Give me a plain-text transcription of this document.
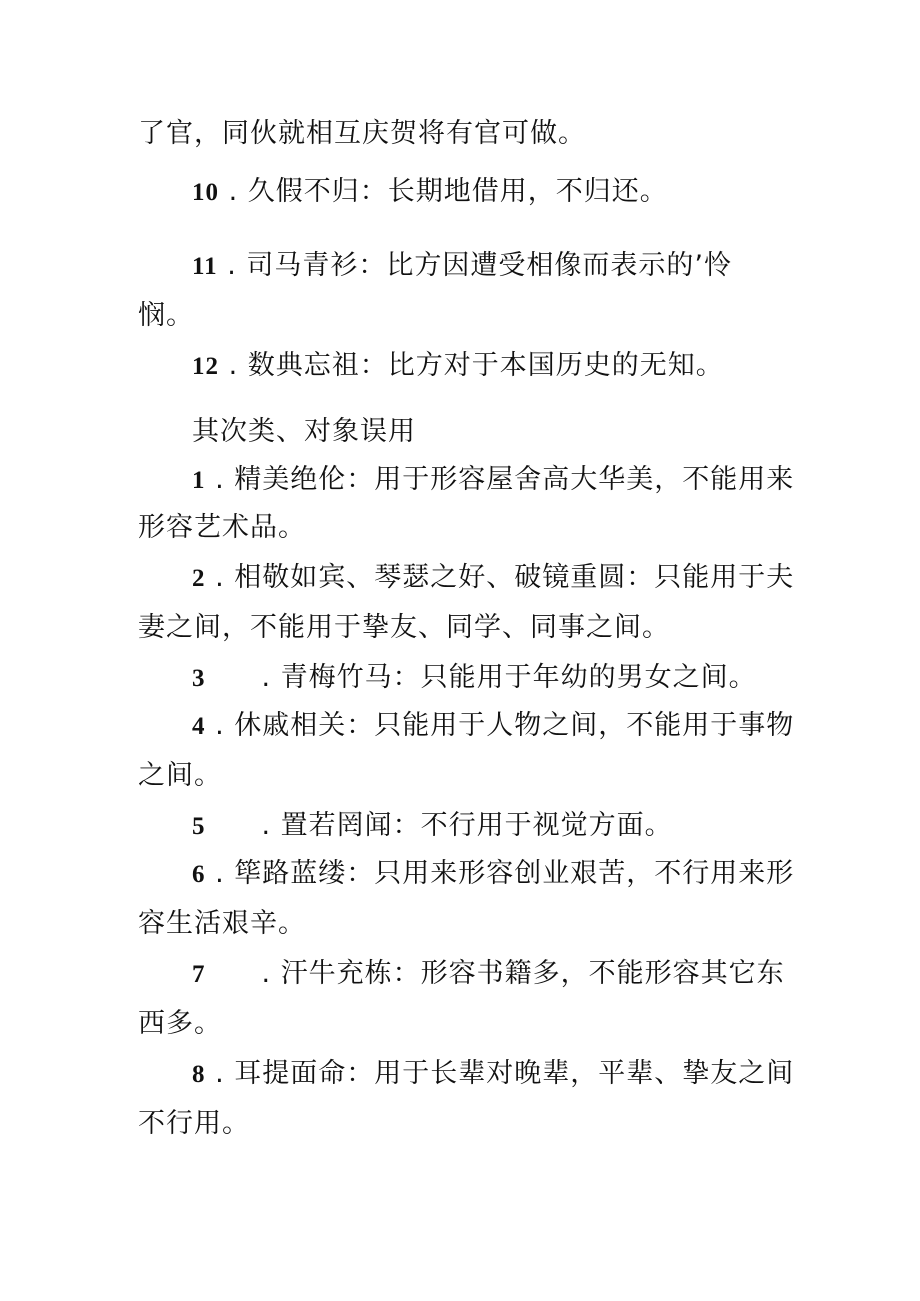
了官，同伙就相互庆贺将有官可做。
10 . 久假不归：长期地借用，不归还。
11 . 司马青衫：比方因遭受相像而表示的’怜
悯。
12 . 数典忘祖：比方对于本国历史的无知。
其次类、对象误用
1 . 精美绝伦：用于形容屋舍高大华美，不能用来
形容艺术品。
2 . 相敬如宾、琴瑟之好、破镜重圆：只能用于夫
妻之间，不能用于挚友、同学、同事之间。
3 . 青梅竹马：只能用于年幼的男女之间。
4 . 休戚相关：只能用于人物之间，不能用于事物
之间。
5 . 置若罔闻：不行用于视觉方面。
6 . 筚路蓝缕：只用来形容创业艰苦，不行用来形
容生活艰辛。
7 . 汗牛充栋：形容书籍多，不能形容其它东
西多。
8 . 耳提面命：用于长辈对晚辈，平辈、挚友之间
不行用。
